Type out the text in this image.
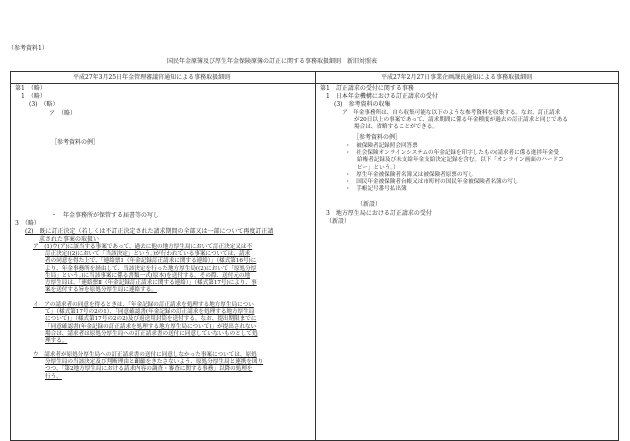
（参考資料1）
国民年金原簿及び厚生年金保険原簿の訂正に関する事務取扱細則　新旧対照表
平成27年3月25日年金管理審議官通知による事務取扱細則	平成27年2月27日事業企画課長通知による事務取扱細則
第1　（略）
1　（略）
(3)　（略）
ア　（略）
［参考資料の例］
・　年金事務所が保管する届書等の写し
3　（略）
(2)　既に訂正決定（若しくは不訂正決定された請求期間の全部又は一部について再度訂正請
求された事案の取扱い
ア　(1)ウ(ア)に該当する事案であって、過去に他の地方厚生局において訂正決定又は不
訂正決定((2)において「当該決定」という。)が行われている事案については、請求
者の同意を得た上で、「連絡票1（年金記録訂正請求に関する連絡）」（様式第16号)に
より、年金事務所を経由して、当該決定を行った地方厚生局((2)において「原処分厚
生局」という。)に当該事案に係る書類一式(原本)を送付する。その際、送付元の地
方厚生局は、「連絡票Ⅱ（年金記録訂正請求に関する連絡）」（様式第17号)により、事
案を送付する旨を原処分厚生局に連絡する。
イ　アの請求者の同意を得るときは、「年金記録の訂正請求を処理する地方厚生局につい
て」（様式第17号の2の1）、「同意確認書(年金記録の訂正請求を処理する地方厚生局
について)」（様式第17号の2の2)及び返送用封筒を送付する。なお、提出期限までに
「同意確認書(年金記録の訂正請求を処理する地方厚生局について)」が提出されない
場合は、請求者は原処分厚生局への訂正請求書の送付に同意していないものとして処
理する。
ウ　請求者が原処分厚生局への訂正請求書の送付に同意しなかった事案については、原処
分厚生局の当該決定及び判断理由と齟齬をきたさないよう、原処分厚生局と連携を図り
つつ、「第2地方厚生局における請求内容の調査・審査に関する事務」以降の処理を
行う。
第1　訂正請求の受付に関する事務
1　日本年金機構における訂正請求の受付
(3)　参考資料の収集
ア　年金事務所は、自ら収集可能な以下のような参考資料を収集する。なお、訂正請求
が20日以上の事案であって、請求期間に係る年金種度が過去の訂正請求と同じである
場合は、省略することができる。
［参考資料の例］
・　被保険者記録照会回答票
・　社会保険オンラインシステムの年金記録を印字したもの(請求者に係る進捗年金受
給権者記録及び未支給年金支給決定記録を含む。以下「オンライン画面のハードコ
ピー」という。）
・　厚生年金被保険者名簿又は被保険者原票の写し
・　国民年金被保険者台帳又は市町村の国民年金被保険者名簿の写し
・　手帳記号番号払出簿
（新設）
3　地方厚生局における訂正請求の受付
（新設）
